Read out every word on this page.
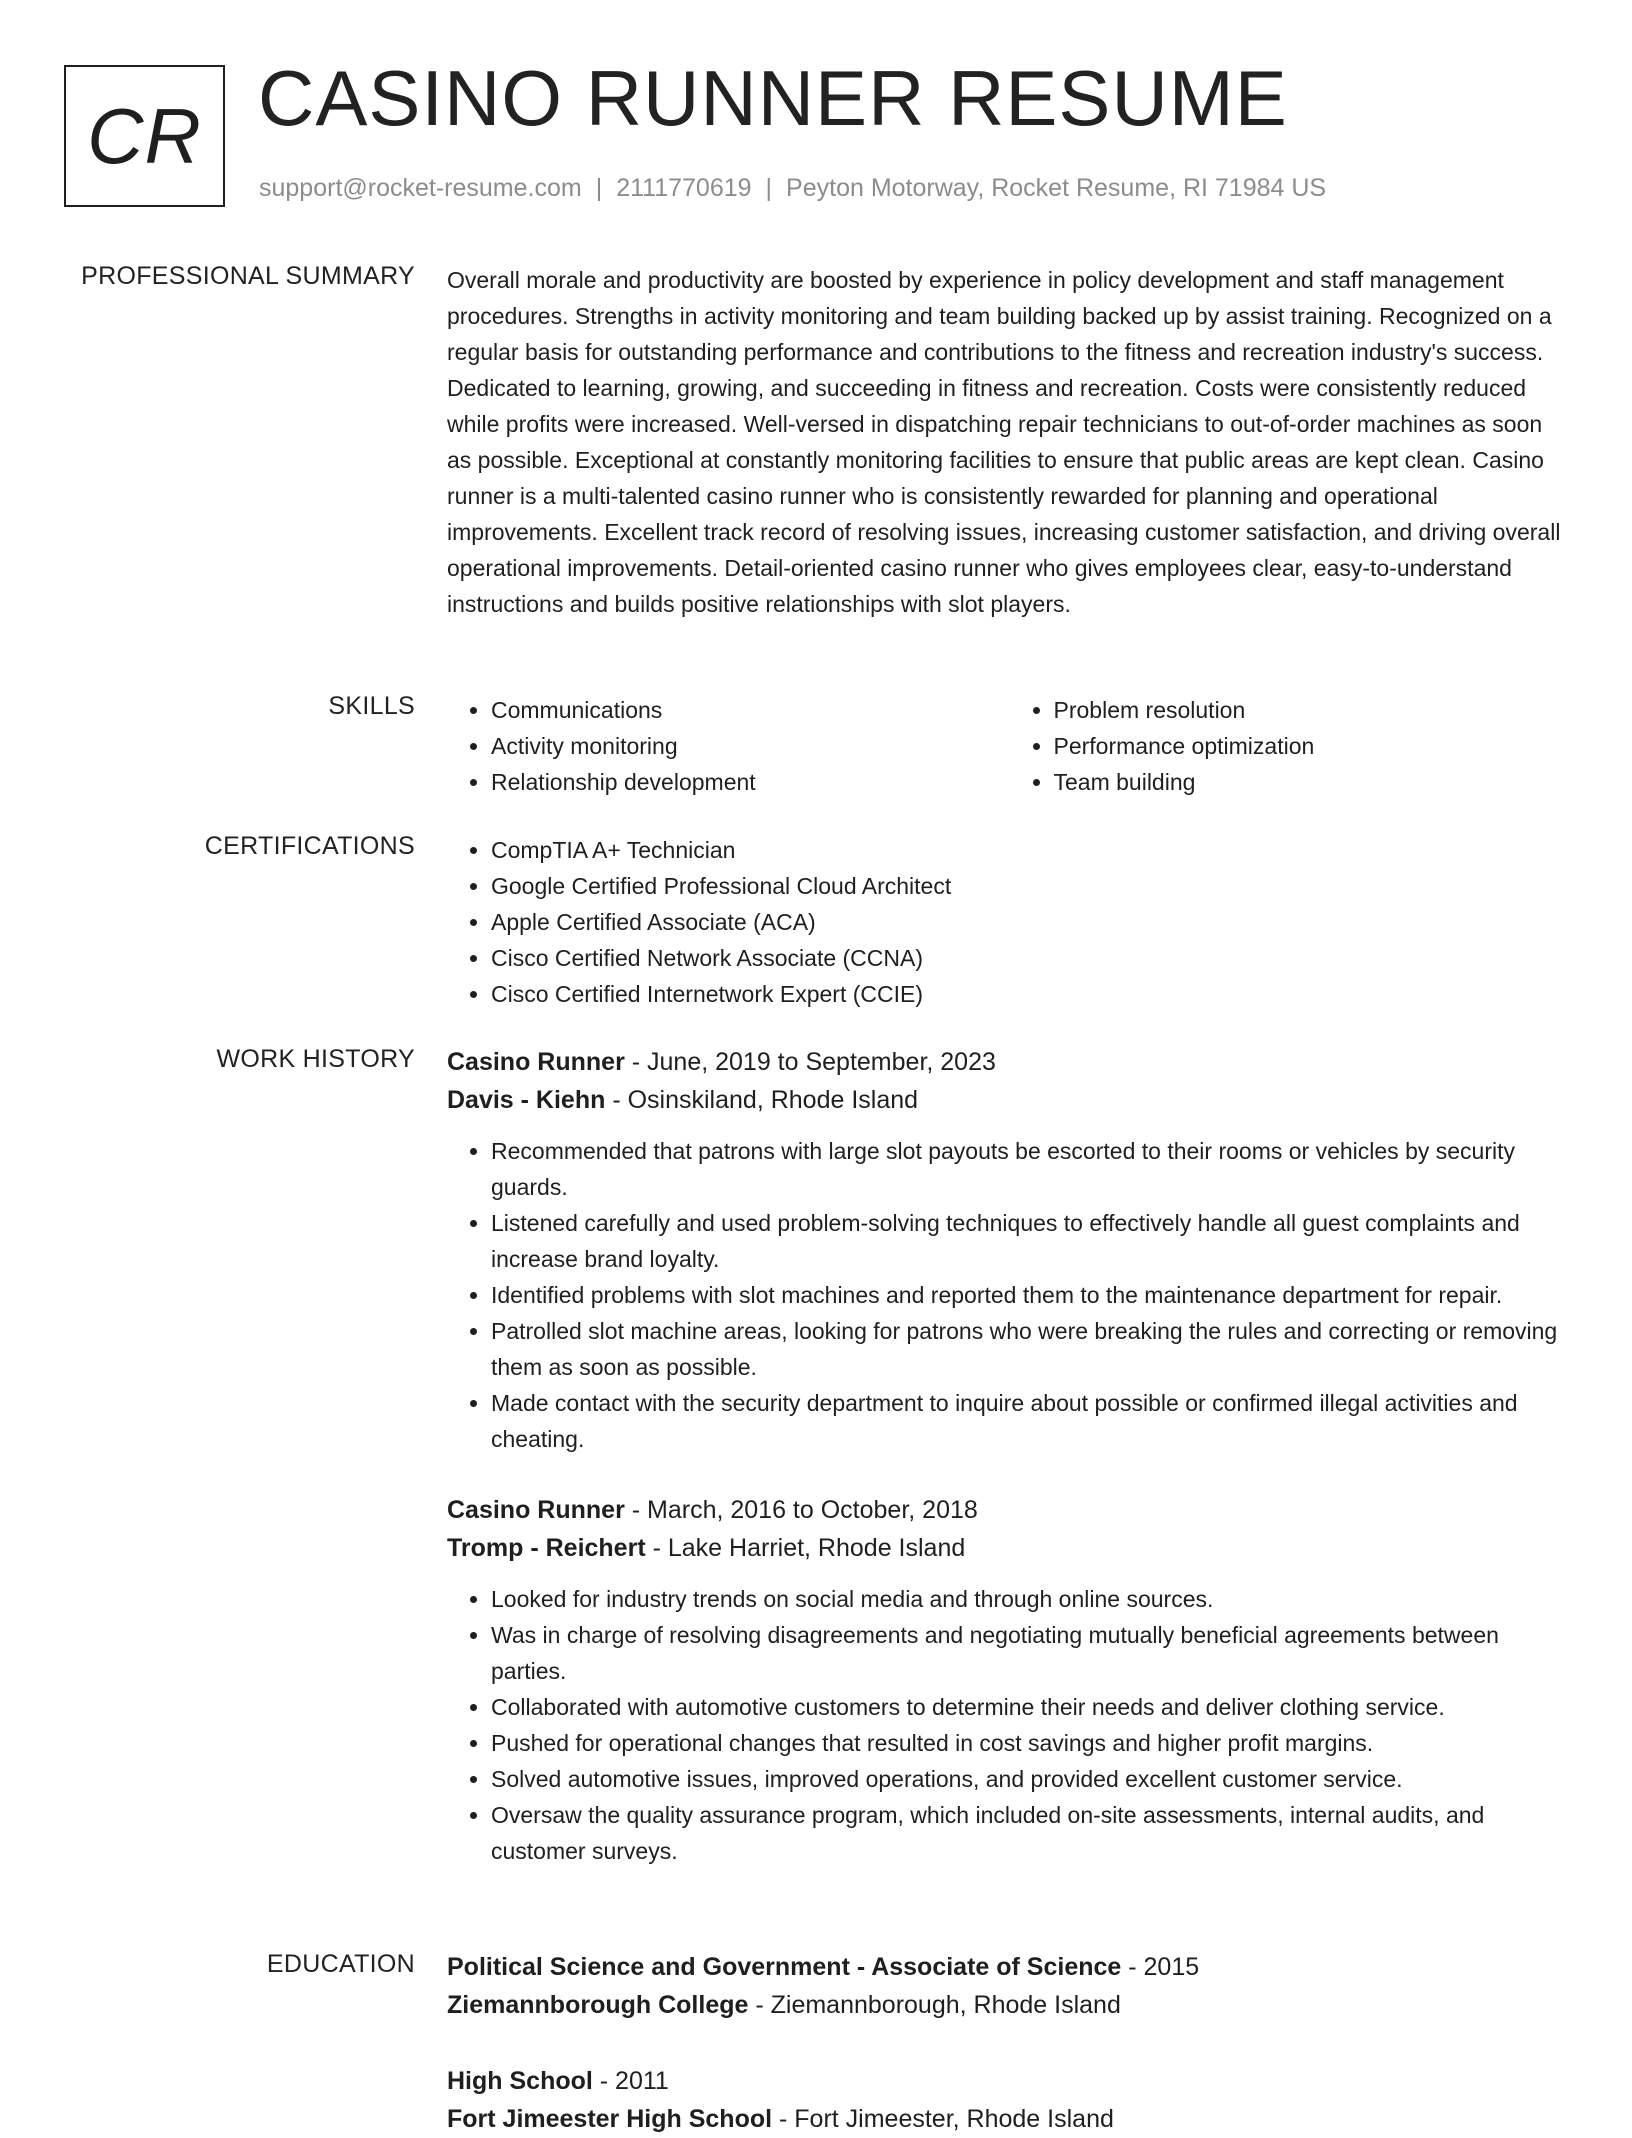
CR CASINO RUNNER RESUME
support@rocket-resume.com | 2111770619 | Peyton Motorway, Rocket Resume, RI 71984 US
PROFESSIONAL SUMMARY Overall morale and productivity are boosted by experience in policy development and staff management procedures. Strengths in activity monitoring and team building backed up by assist training. Recognized on a regular basis for outstanding performance and contributions to the fitness and recreation industry's success. Dedicated to learning, growing, and succeeding in fitness and recreation. Costs were consistently reduced while profits were increased. Well-versed in dispatching repair technicians to out-of-order machines as soon as possible. Exceptional at constantly monitoring facilities to ensure that public areas are kept clean. Casino runner is a multi-talented casino runner who is consistently rewarded for planning and operational improvements. Excellent track record of resolving issues, increasing customer satisfaction, and driving overall operational improvements. Detail-oriented casino runner who gives employees clear, easy-to-understand instructions and builds positive relationships with slot players.

SKILLS	• Communications
• Activity monitoring
• Relationship development
• Problem resolution
• Performance optimization
• Team building
CERTIFICATIONS	• CompTIA A+ Technician
• Google Certified Professional Cloud Architect
• Apple Certified Associate (ACA)
• Cisco Certified Network Associate (CCNA)
• Cisco Certified Internetwork Expert (CCIE)
WORK HISTORY Casino Runner - June, 2019 to September, 2023
Davis - Kiehn - Osinskiland, Rhode Island
• Recommended that patrons with large slot payouts be escorted to their rooms or vehicles by security guards.
• Listened carefully and used problem-solving techniques to effectively handle all guest complaints and increase brand loyalty.
• Identified problems with slot machines and reported them to the maintenance department for repair.
• Patrolled slot machine areas, looking for patrons who were breaking the rules and correcting or removing them as soon as possible.
• Made contact with the security department to inquire about possible or confirmed illegal activities and cheating.
Casino Runner - March, 2016 to October, 2018
Tromp - Reichert - Lake Harriet, Rhode Island
• Looked for industry trends on social media and through online sources.
• Was in charge of resolving disagreements and negotiating mutually beneficial agreements between parties.
• Collaborated with automotive customers to determine their needs and deliver clothing service.
• Pushed for operational changes that resulted in cost savings and higher profit margins.
• Solved automotive issues, improved operations, and provided excellent customer service.
• Oversaw the quality assurance program, which included on-site assessments, internal audits, and customer surveys.
EDUCATION Political Science and Government - Associate of Science - 2015
Ziemannborough College - Ziemannborough, Rhode Island
High School - 2011
Fort Jimeester High School - Fort Jimeester, Rhode Island
